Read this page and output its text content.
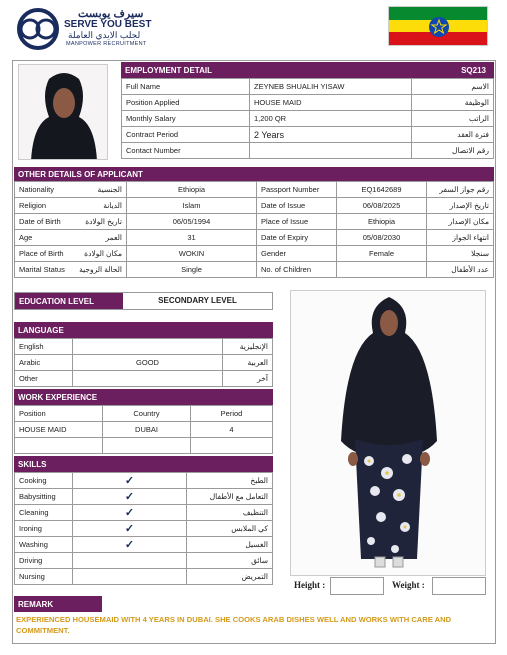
سيرف يوبست
SERVE YOU BEST
لجلب الايدي العاملة
MANPOWER RECRUITMENT
EMPLOYMENT DETAIL	SQ213
Full Name	ZEYNEB SHUALIH YISAW	الاسم
Position Applied	HOUSE MAID	الوظيفة
Monthly Salary	1,200 QR	الراتب
Contract Period	2 Years	فترة العقد
Contact Number		رقم الاتصال
OTHER DETAILS OF APPLICANT
Nationality	الجنسية	Ethiopia	Passport Number	EQ1642689	رقم جواز السفر
Religion	الديانة	Islam	Date of Issue	06/08/2025	تاريخ الإصدار
Date of Birth	تاريخ الولادة	06/05/1994	Place of Issue	Ethiopia	مكان الإصدار
Age	العمر	31	Date of Expiry	05/08/2030	انتهاء الجواز
Place of Birth	مكان الولادة	WOKIN	Gender	Female	سنجلا
Marital Status	الحالة الزوجية	Single	No. of Children		عدد الأطفال
EDUCATION LEVEL	SECONDARY LEVEL
LANGUAGE
English		الإنجليزية
Arabic	GOOD	العربية
Other		آخر
WORK EXPERIENCE
Position	Country	Period
HOUSE MAID	DUBAI	4

SKILLS
Cooking	✓	الطبخ
Babysitting	✓	التعامل مع الأطفال
Cleaning	✓	التنظيف
Ironing	✓	كي الملابس
Washing	✓	الغسيل
Driving		سائق
Nursing		التمريض
Height :	Weight :
REMARK
EXPERIENCED HOUSEMAID WITH 4 YEARS IN DUBAI. SHE COOKS ARAB DISHES WELL AND WORKS WITH CARE AND COMMITMENT.
